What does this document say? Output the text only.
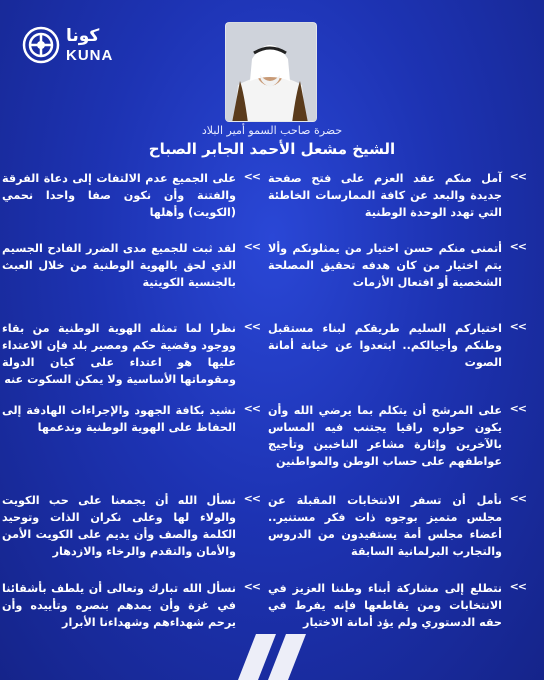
كونا
KUNA
حضرة صاحب السمو أمير البلاد
الشيخ مشعل الأحمد الجابر الصباح
<<
آمل منكم عقد العزم على فتح صفحة جديدة والبعد عن كافة الممارسات الخاطئة التي تهدد الوحدة الوطنية
<<
أتمنى منكم حسن اختيار من يمثلونكم وألا يتم اختيار من كان هدفه تحقيق المصلحة الشخصية أو افتعال الأزمات
<<
اختياركم السليم طريقكم لبناء مستقبل وطنكم وأجيالكم.. ابتعدوا عن خيانة أمانة الصوت
<<
على المرشح أن يتكلم بما يرضي الله وأن يكون حواره راقيا يجتنب فيه المساس بالآخرين وإثارة مشاعر الناخبين وتأجيج عواطفهم على حساب الوطن والمواطنين
<<
نأمل أن تسفر الانتخابات المقبلة عن مجلس متميز بوجوه ذات فكر مستنير.. أعضاء مجلس أمة يستفيدون من الدروس والتجارب البرلمانية السابقة
<<
نتطلع إلى مشاركة أبناء وطننا العزيز في الانتخابات ومن يقاطعها فإنه يفرط في حقه الدستوري ولم يؤد أمانة الاختيار
<<
على الجميع عدم الالتفات إلى دعاة الفرقة والفتنة وأن نكون صفا واحدا نحمي (الكويت) وأهلها
<<
لقد ثبت للجميع مدى الضرر الفادح الجسيم الذي لحق بالهوية الوطنية من خلال العبث بالجنسية الكويتية
<<
نظرا لما تمثله الهوية الوطنية من بقاء ووجود وقضية حكم ومصير بلد فإن الاعتداء عليها هو اعتداء على كيان الدولة ومقوماتها الأساسية ولا يمكن السكوت عنه
<<
نشيد بكافة الجهود والإجراءات الهادفة إلى الحفاظ على الهوية الوطنية وندعمها
<<
نسأل الله أن يجمعنا على حب الكويت والولاء لها وعلى نكران الذات وتوحيد الكلمة والصف وأن يديم على الكويت الأمن والأمان والتقدم والرخاء والازدهار
<<
نسأل الله تبارك وتعالى أن يلطف بأشقائنا في غزة وأن يمدهم بنصره وتأييده وأن يرحم شهداءهم وشهداءنا الأبرار
